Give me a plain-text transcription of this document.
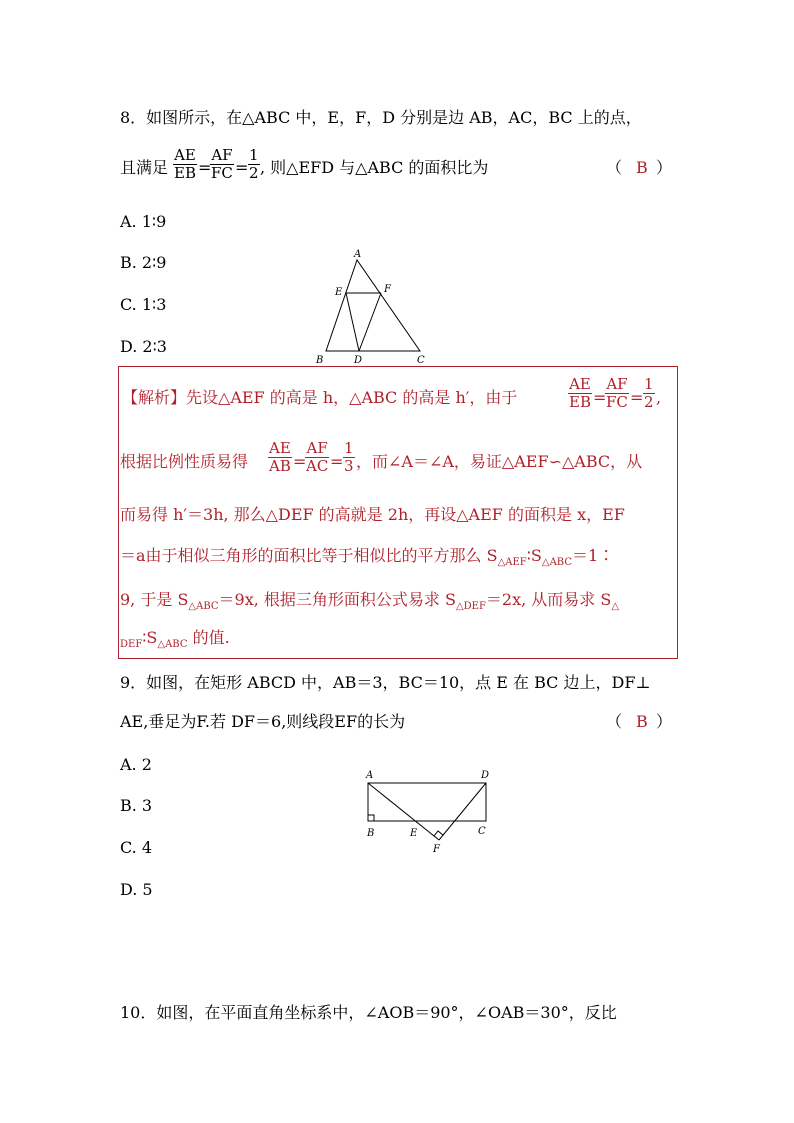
8．如图所示，在△ABC 中，E，F，D 分别是边 AB，AC，BC 上的点，
且满足 $\frac{AE}{EB}$ =
$\frac{AF}{FC} = \frac{1}{2}$ , 则△EFD 与△ABC 的面积比为	（ B ）
A. 1∶9
B. 2∶9
C. 1∶3
D. 2∶3
A
B	C
D
E	F
【解析】先设△AEF 的高是 h，△ABC 的高是 h′，由于	$\frac{AE}{EB}$ =
$\frac{AF}{FC} = \frac{1}{2}$ ,
根据比例性质易得 $\frac{AE}{AB}$ =
$\frac{AF}{AC} = \frac{1}{3}$ ，而∠A＝∠A，易证△AEF∽△ABC，从
而易得 h′＝3h, 那么△DEF 的高就是 2h，再设△AEF 的面积是 x，EF
＝a由于相似三角形的面积比等于相似比的平方那么 $S_{\triangle AEF}∶S_{\triangle ABC}=1∶$
9, 于是 $S_{\triangle ABC}=9x$, 根据三角形面积公式易求 $S_{\triangle DEF}=2x$, 从而易求 $S_\triangle$
$_{DEF}∶S_{\triangle ABC}$ 的值.
9．如图，在矩形 ABCD 中，AB＝3，BC＝10，点 E 在 BC 边上，DF⊥
AE,垂足为F.若 DF＝6,则线段EF的长为	（ B ）
A. 2
B. 3
C. 4
D. 5
A	D
B	E	C
F
10．如图，在平面直角坐标系中，∠AOB＝90°，∠OAB＝30°，反比
